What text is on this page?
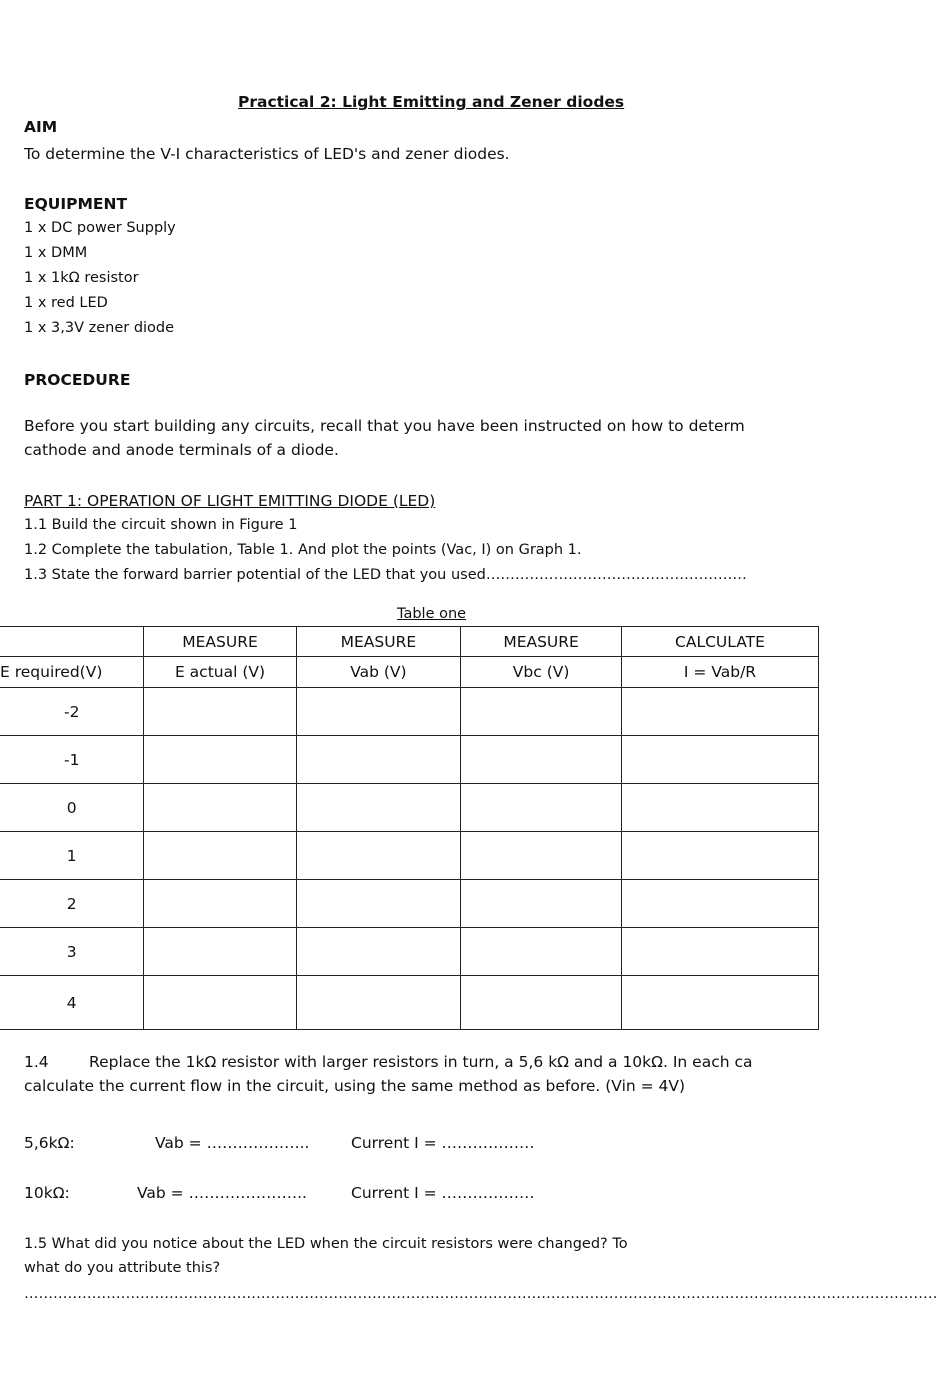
Practical 2: Light Emitting and Zener diodes
AIM
To determine the V-I characteristics of LED's and zener diodes.
EQUIPMENT
1 x DC power Supply
1 x DMM
1 x 1kΩ resistor
1 x red LED
1 x 3,3V zener diode
PROCEDURE
Before you start building any circuits, recall that you have been instructed on how to determ
cathode and anode terminals of a diode.
PART 1: OPERATION OF LIGHT EMITTING DIODE (LED)
1.1 Build the circuit shown in Figure 1
1.2 Complete the tabulation, Table 1. And plot the points (Vac, I) on Graph 1.
1.3 State the forward barrier potential of the LED that you used………………………………………………
Table one
	MEASURE	MEASURE	MEASURE	CALCULATE
E required(V)	E actual (V)	Vab (V)	Vbc (V)	I = Vab/R
-2				
-1				
0				
1				
2				
3				
4				
1.4	Replace the 1kΩ resistor with larger resistors in turn, a 5,6 kΩ and a 10kΩ. In each ca
calculate the current flow in the circuit, using the same method as before. (Vin = 4V)
5,6kΩ:	Vab = ………………..	Current I = ………………
10kΩ:	Vab = …………………..	Current I = ………………
1.5 What did you notice about the LED when the circuit resistors were changed? To
what do you attribute this?
………………………………………………………………………………………………………………………………………………………………………
